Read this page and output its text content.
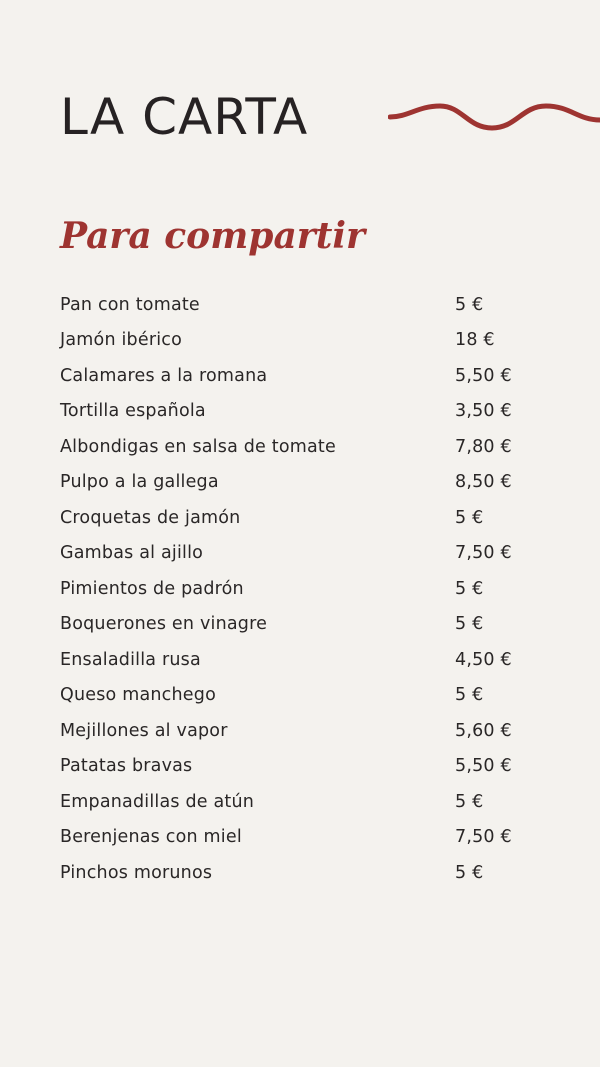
LA CARTA
Para compartir
Pan con tomate	5 €
Jamón ibérico	18 €
Calamares a la romana	5,50 €
Tortilla española	3,50 €
Albondigas en salsa de tomate	7,80 €
Pulpo a la gallega	8,50 €
Croquetas de jamón	5 €
Gambas al ajillo	7,50 €
Pimientos de padrón	5 €
Boquerones en vinagre	5 €
Ensaladilla rusa	4,50 €
Queso manchego	5 €
Mejillones al vapor	5,60 €
Patatas bravas	5,50 €
Empanadillas de atún	5 €
Berenjenas con miel	7,50 €
Pinchos morunos	5 €
